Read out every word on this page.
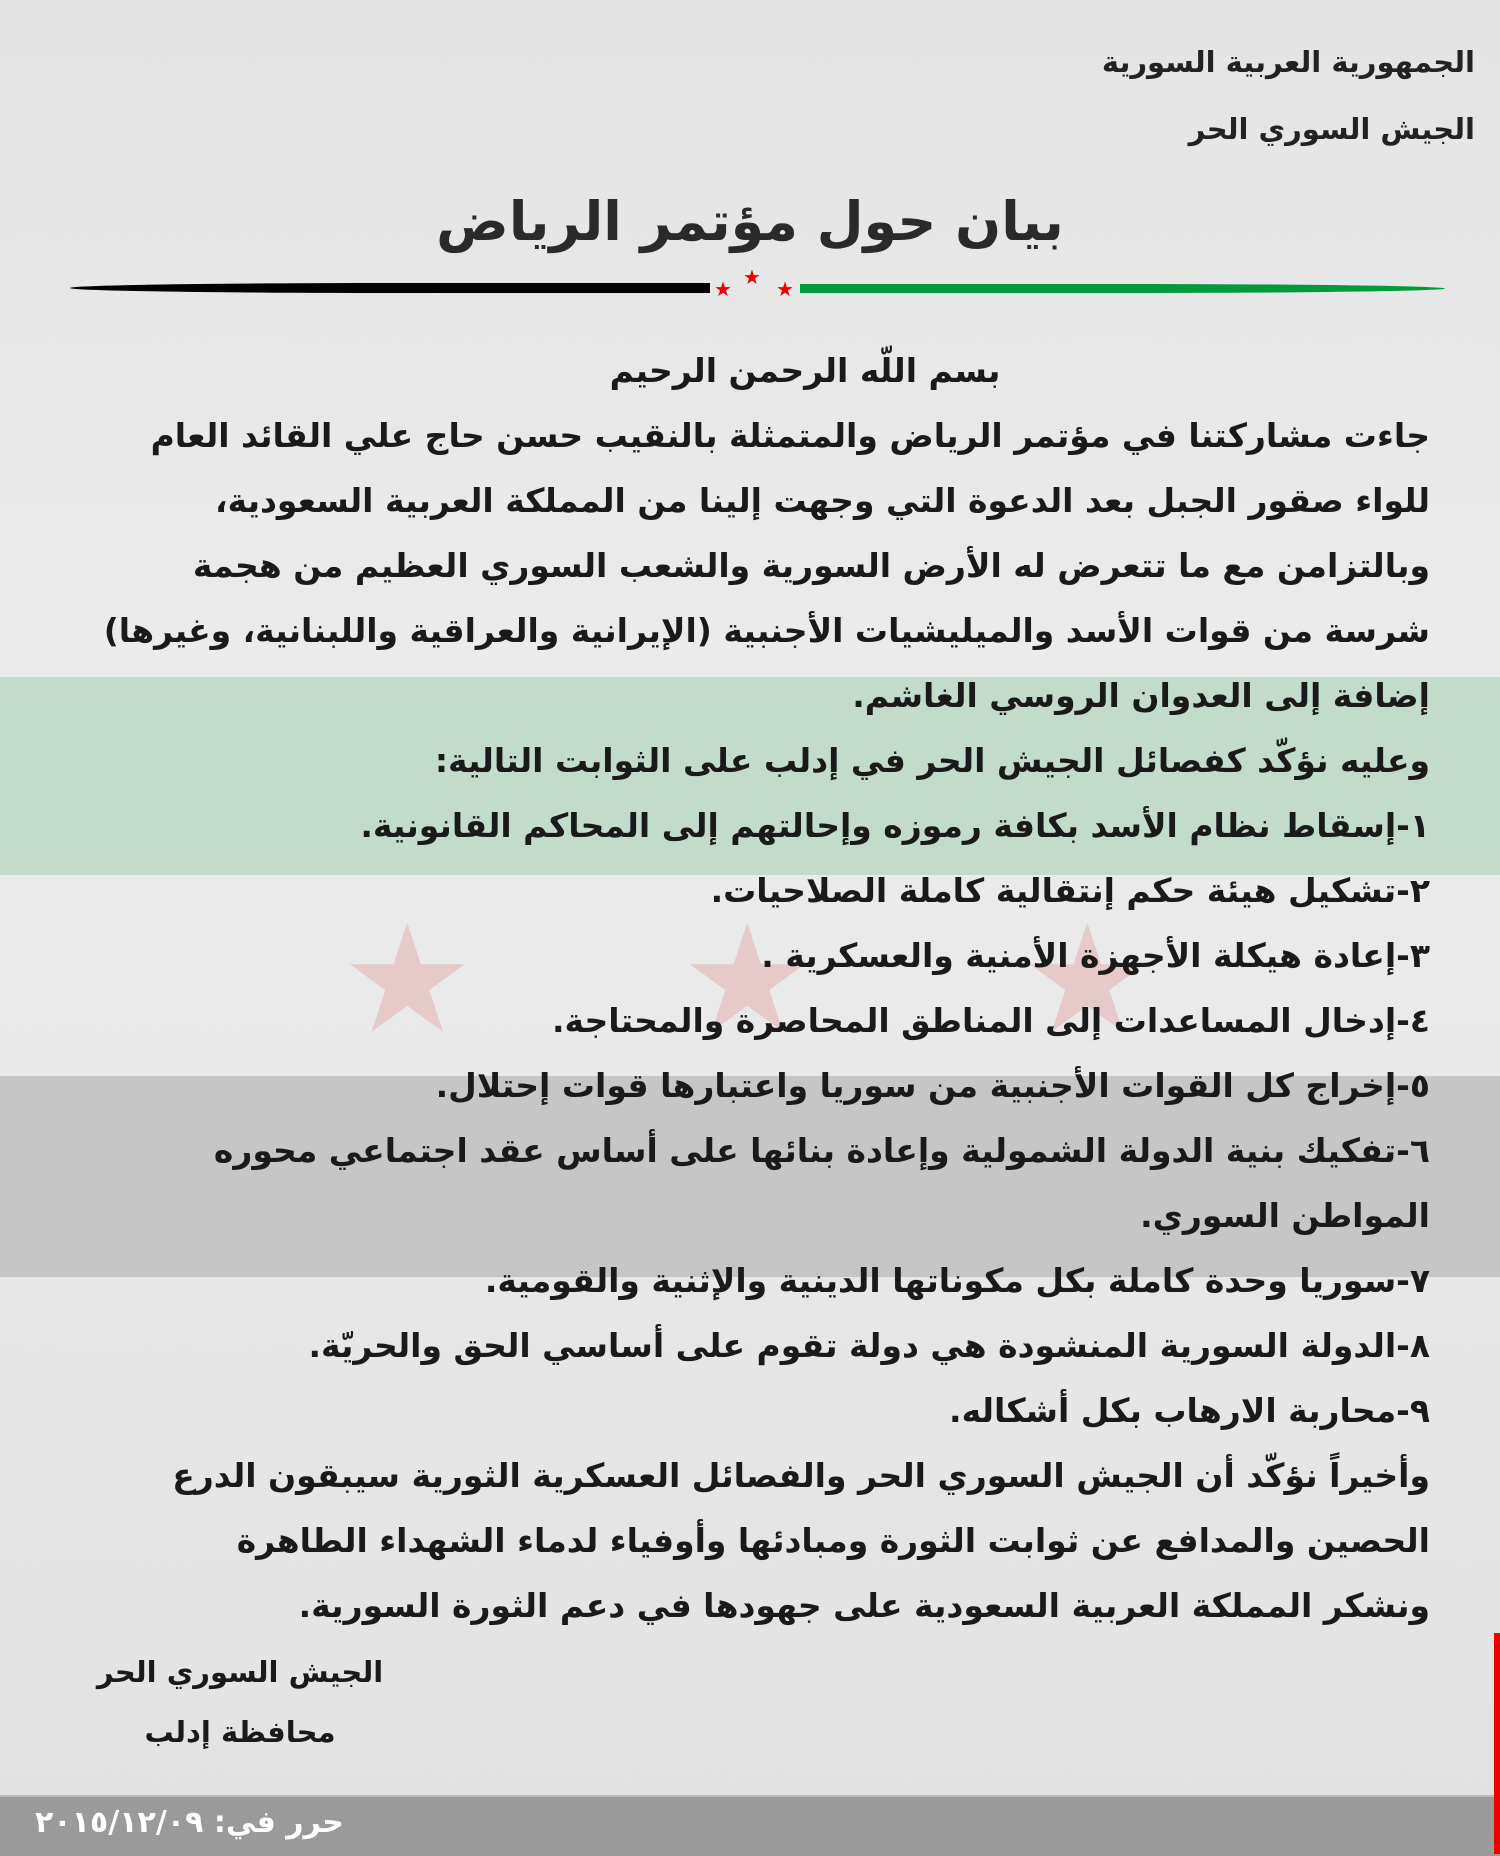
★ ★ ★
الجمهورية العربية السورية
الجيش السوري الحر
بيان حول مؤتمر الرياض
★ ★ ★
بسم اللّه الرحمن الرحيم
جاءت مشاركتنا في مؤتمر الرياض والمتمثلة بالنقيب حسن حاج علي القائد العام
للواء صقور الجبل بعد الدعوة التي وجهت إلينا من المملكة العربية السعودية،
وبالتزامن مع ما تتعرض له الأرض السورية والشعب السوري العظيم من هجمة
شرسة من قوات الأسد والميليشيات الأجنبية (الإيرانية والعراقية واللبنانية، وغيرها)
إضافة إلى العدوان الروسي الغاشم.
وعليه نؤكّد كفصائل الجيش الحر في إدلب على الثوابت التالية:
١-إسقاط نظام الأسد بكافة رموزه وإحالتهم إلى المحاكم القانونية.
٢-تشكيل هيئة حكم إنتقالية كاملة الصلاحيات.
٣-إعادة هيكلة الأجهزة الأمنية والعسكرية .
٤-إدخال المساعدات إلى المناطق المحاصرة والمحتاجة.
٥-إخراج كل القوات الأجنبية من سوريا واعتبارها قوات إحتلال.
٦-تفكيك بنية الدولة الشمولية وإعادة بنائها على أساس عقد اجتماعي محوره
المواطن السوري.
٧-سوريا وحدة كاملة بكل مكوناتها الدينية والإثنية والقومية.
٨-الدولة السورية المنشودة هي دولة تقوم على أساسي الحق والحريّة.
٩-محاربة الارهاب بكل أشكاله.
وأخيراً نؤكّد أن الجيش السوري الحر والفصائل العسكرية الثورية سيبقون الدرع
الحصين والمدافع عن ثوابت الثورة ومبادئها وأوفياء لدماء الشهداء الطاهرة
ونشكر المملكة العربية السعودية على جهودها في دعم الثورة السورية.
الجيش السوري الحر
محافظة إدلب
حرر في: ٢٠١٥/١٢/٠٩
